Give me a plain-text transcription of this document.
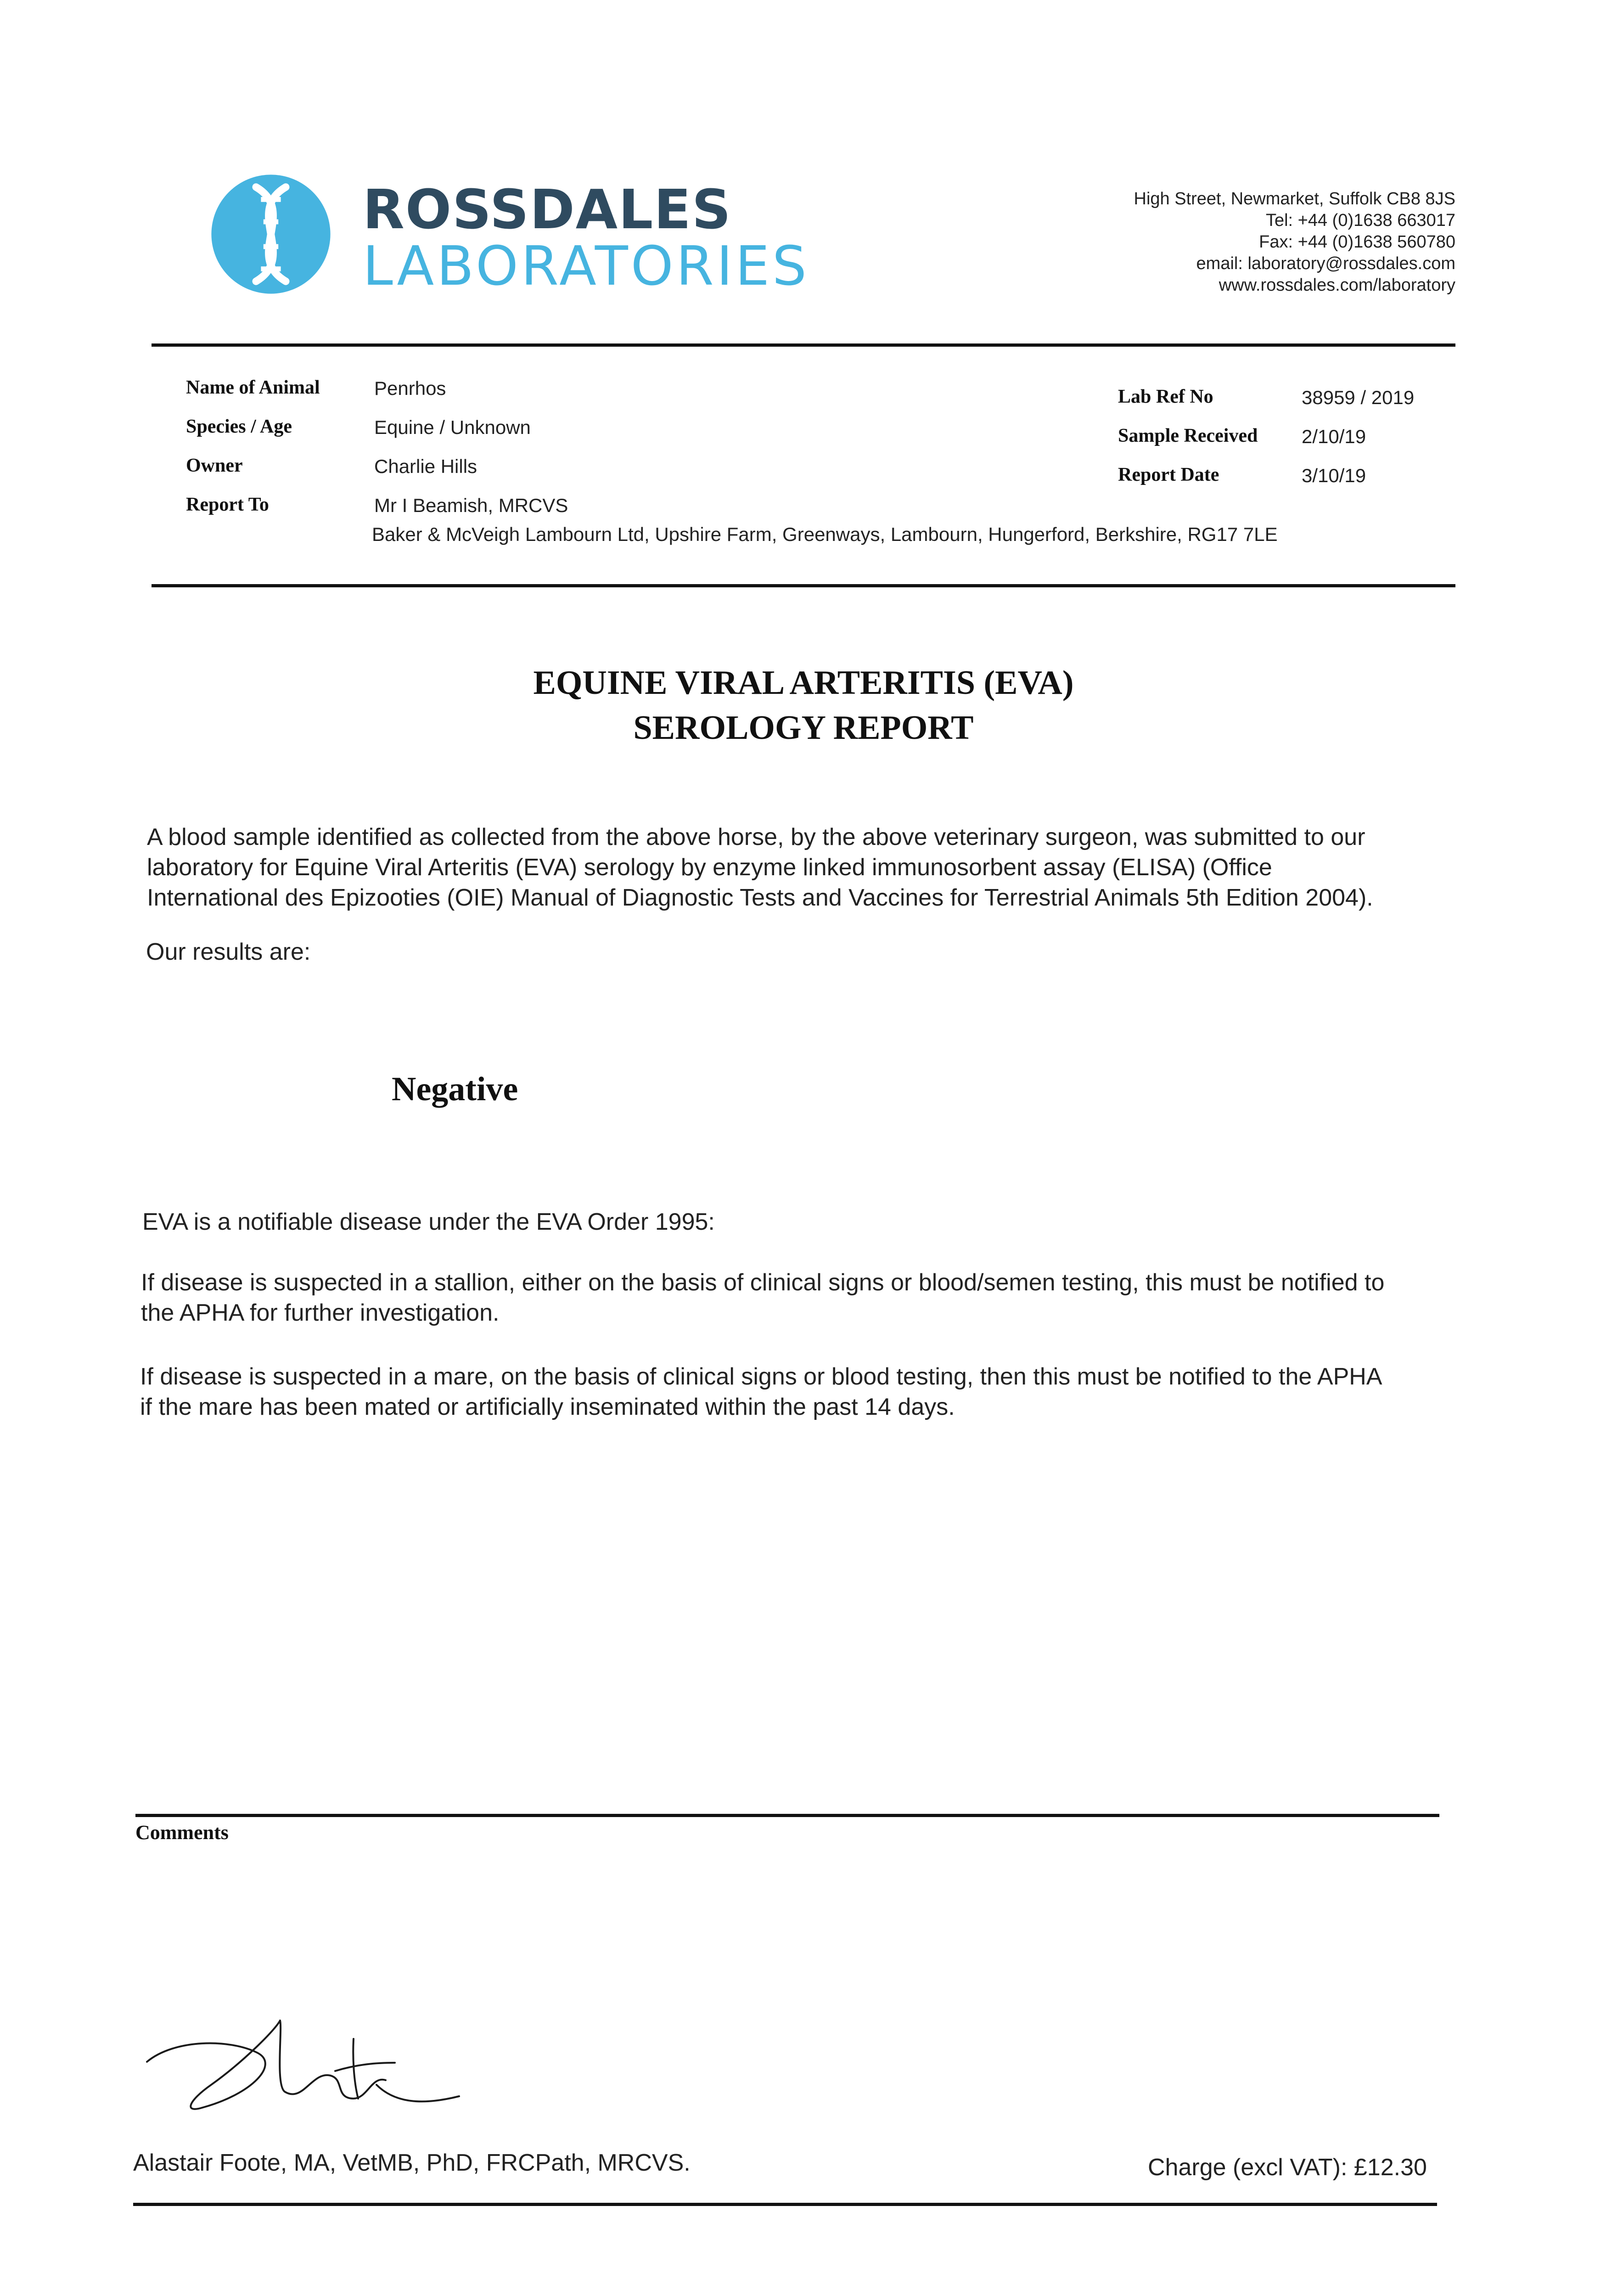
ROSSDALES
LABORATORIES
High Street, Newmarket, Suffolk CB8 8JS
Tel: +44 (0)1638 663017
Fax: +44 (0)1638 560780
email: laboratory@rossdales.com
www.rossdales.com/laboratory
Name of Animal	Penrhos
Species / Age	Equine / Unknown
Owner	Charlie Hills
Report To	Mr I Beamish, MRCVS
Baker & McVeigh Lambourn Ltd, Upshire Farm, Greenways, Lambourn, Hungerford, Berkshire, RG17 7LE
Lab Ref No	38959 / 2019
Sample Received 2/10/19
Report Date	3/10/19
EQUINE VIRAL ARTERITIS (EVA)
SEROLOGY REPORT
A blood sample identified as collected from the above horse, by the above veterinary surgeon, was submitted to our
laboratory for Equine Viral Arteritis (EVA) serology by enzyme linked immunosorbent assay (ELISA) (Office
International des Epizooties (OIE) Manual of Diagnostic Tests and Vaccines for Terrestrial Animals 5th Edition 2004).
Our results are:
Negative
EVA is a notifiable disease under the EVA Order 1995:
If disease is suspected in a stallion, either on the basis of clinical signs or blood/semen testing, this must be notified to
the APHA for further investigation.
If disease is suspected in a mare, on the basis of clinical signs or blood testing, then this must be notified to the APHA
if the mare has been mated or artificially inseminated within the past 14 days.
Comments
Alastair Foote, MA, VetMB, PhD, FRCPath, MRCVS.	Charge (excl VAT): £12.30
